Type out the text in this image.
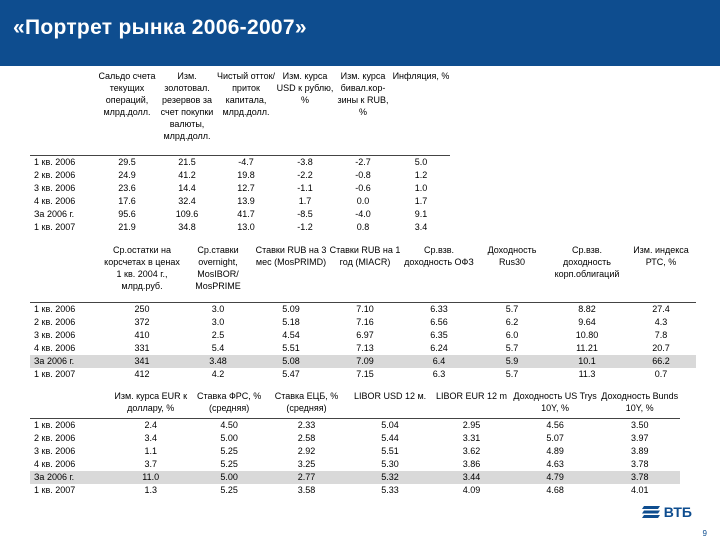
«Портрет рынка 2006-2007»
	Сальдо счета текущих операций, млрд.долл.	Изм. золотовал. резервов за счет покупки валюты, млрд.долл.	Чистый отток/приток капитала, млрд.долл.	Изм. курса USD к рублю, %	Изм. курса бивал.кор-зины к RUB, %	Инфляция, %
1 кв. 2006	29.5	21.5	-4.7	-3.8	-2.7	5.0
2 кв. 2006	24.9	41.2	19.8	-2.2	-0.8	1.2
3 кв. 2006	23.6	14.4	12.7	-1.1	-0.6	1.0
4 кв. 2006	17.6	32.4	13.9	1.7	0.0	1.7
За 2006 г.	95.6	109.6	41.7	-8.5	-4.0	9.1
1 кв. 2007	21.9	34.8	13.0	-1.2	0.8	3.4
	Ср.остатки на корсчетах в ценах 1 кв. 2004 г., млрд.руб.	Ср.ставки overnight, MosIBOR/ MosPRIME	Ставки RUB на 3 мес (MosPRIMD)	Ставки RUB на 1 год (MIACR)	Ср.взв. доходность ОФЗ	Доходность Rus30	Ср.взв. доходность корп.облигаций	Изм. индекса РТС, %
1 кв. 2006	250	3.0	5.09	7.10	6.33	5.7	8.82	27.4
2 кв. 2006	372	3.0	5.18	7.16	6.56	6.2	9.64	4.3
3 кв. 2006	410	2.5	4.54	6.97	6.35	6.0	10.80	7.8
4 кв. 2006	331	5.4	5.51	7.13	6.24	5.7	11.21	20.7
За 2006 г.	341	3.48	5.08	7.09	6.4	5.9	10.1	66.2
1 кв. 2007	412	4.2	5.47	7.15	6.3	5.7	11.3	0.7
	Изм. курса EUR к доллару, %	Ставка ФРС, % (средняя)	Ставка ЕЦБ, % (средняя)	LIBOR USD 12 м.	LIBOR EUR 12 m	Доходность US Trys 10Y, %	Доходность Bunds 10Y, %
1 кв. 2006	2.4	4.50	2.33	5.04	2.95	4.56	3.50
2 кв. 2006	3.4	5.00	2.58	5.44	3.31	5.07	3.97
3 кв. 2006	1.1	5.25	2.92	5.51	3.62	4.89	3.89
4 кв. 2006	3.7	5.25	3.25	5.30	3.86	4.63	3.78
За 2006 г.	11.0	5.00	2.77	5.32	3.44	4.79	3.78
1 кв. 2007	1.3	5.25	3.58	5.33	4.09	4.68	4.01
ВТБ
9
